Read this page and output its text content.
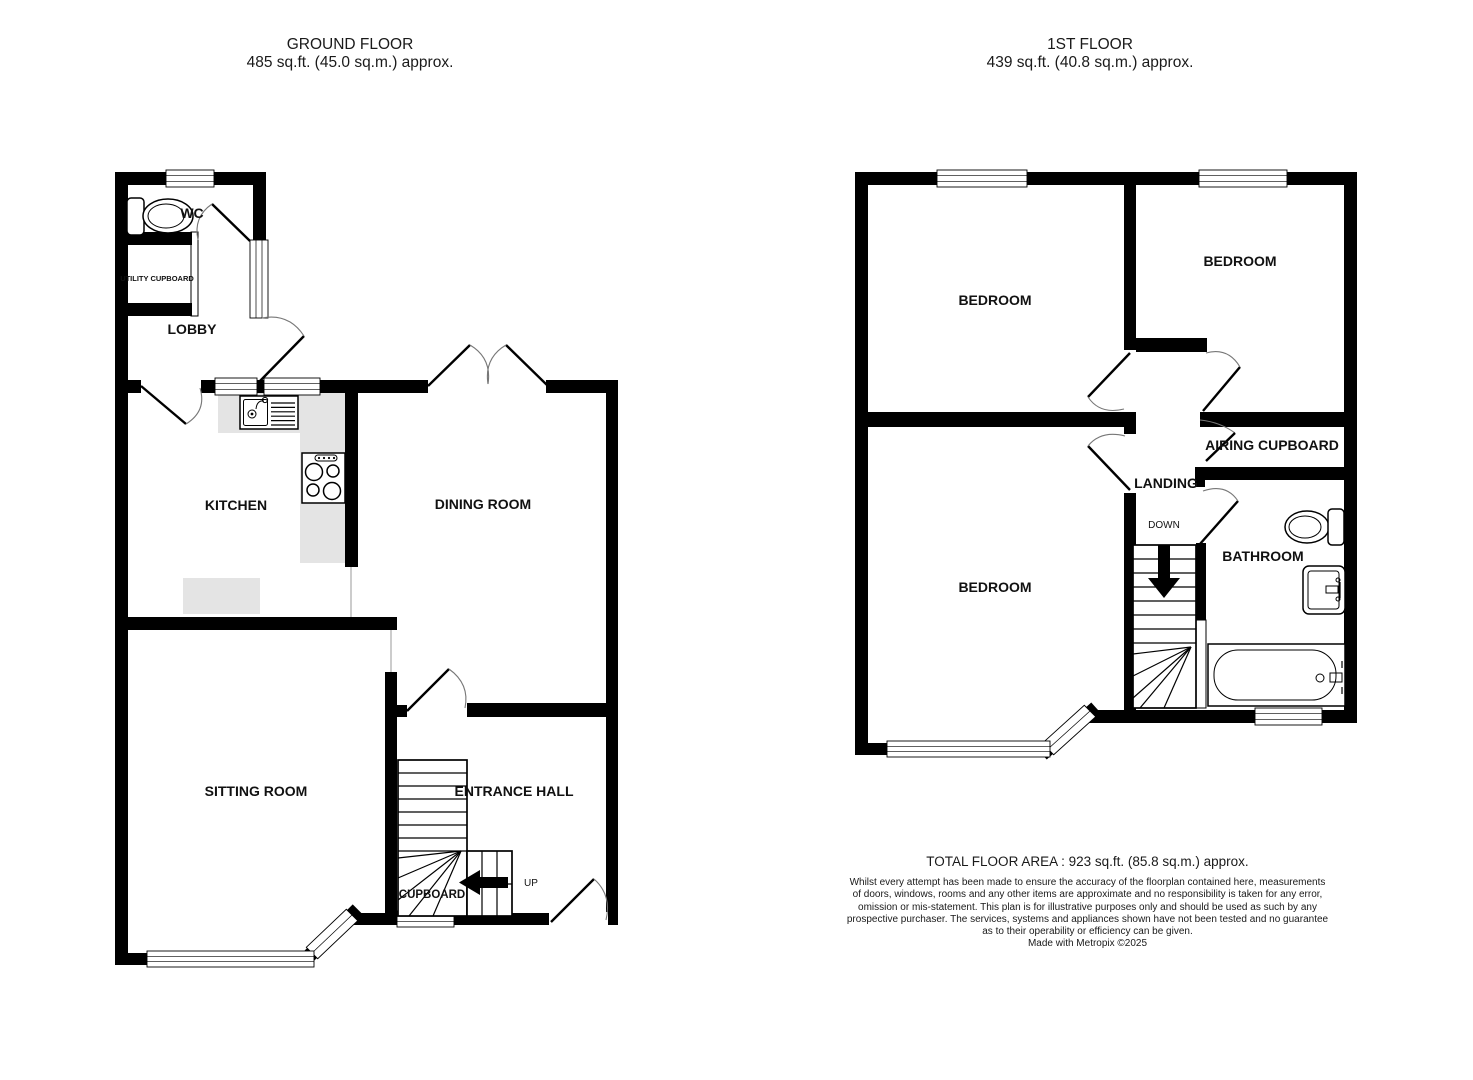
GROUND FLOOR
485 sq.ft. (45.0 sq.m.) approx.
1ST FLOOR
439 sq.ft. (40.8 sq.m.) approx.
WC
UTILITY CUPBOARD
LOBBY
KITCHEN	DINING ROOM
SITTING ROOM	ENTRANCE HALL
CUPBOARD
UP
BEDROOM
BEDROOM
BEDROOM
AIRING CUPBOARD
LANDING
DOWN
BATHROOM
TOTAL FLOOR AREA : 923 sq.ft. (85.8 sq.m.) approx.
Whilst every attempt has been made to ensure the accuracy of the floorplan contained here, measurements
of doors, windows, rooms and any other items are approximate and no responsibility is taken for any error,
omission or mis-statement. This plan is for illustrative purposes only and should be used as such by any
prospective purchaser. The services, systems and appliances shown have not been tested and no guarantee
as to their operability or efficiency can be given.
Made with Metropix ©2025
